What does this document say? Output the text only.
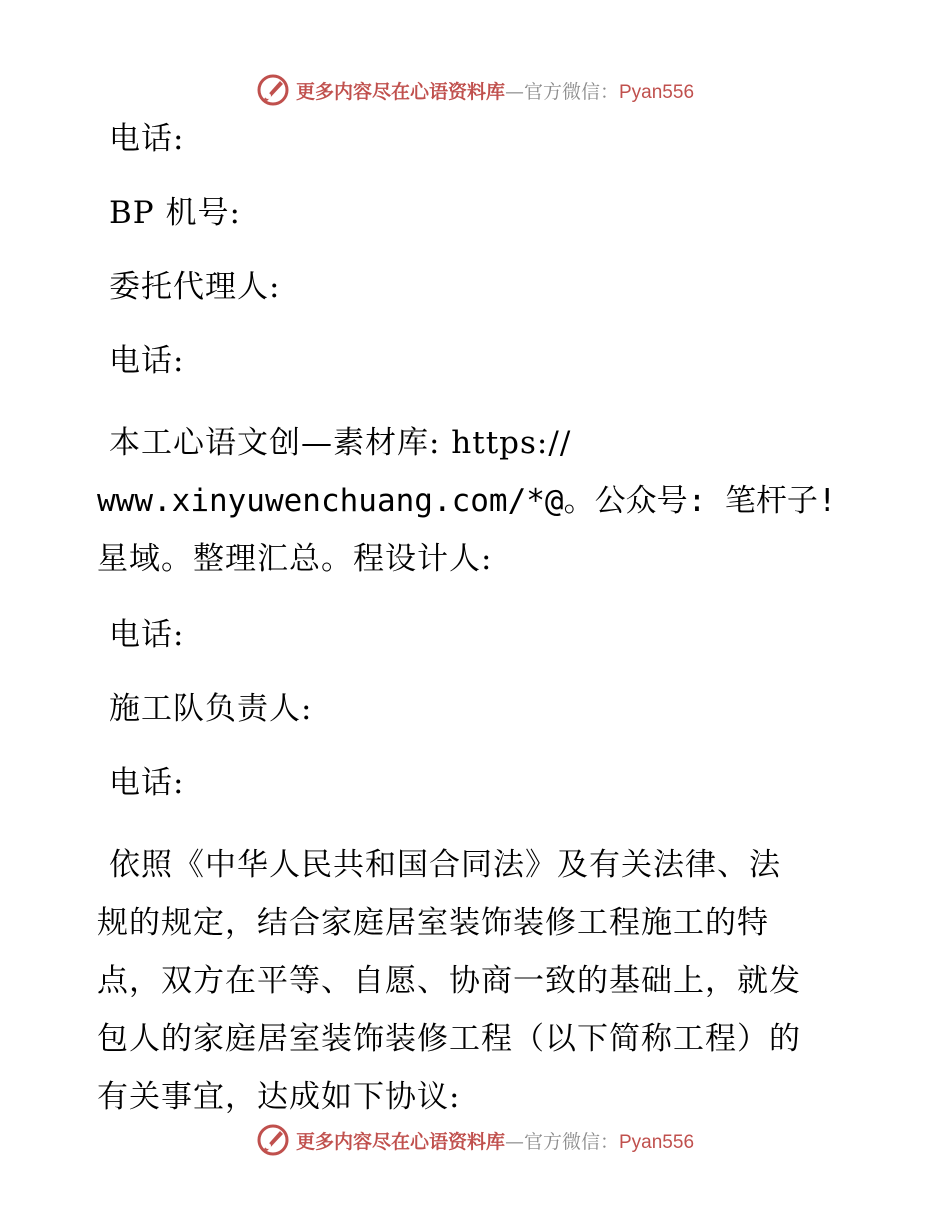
更多内容尽在心语资料库—官方微信：Pyan556

电话:

BP 机号:

委托代理人:

电话:

本工心语文创—素材库: https://

www.xinyuwenchuang.com/*@。公众号: 笔杆子!

星域。整理汇总。程设计人:

电话:

施工队负责人:

电话:

依照《中华人民共和国合同法》及有关法律、法

规的规定，结合家庭居室装饰装修工程施工的特

点，双方在平等、自愿、协商一致的基础上，就发

包人的家庭居室装饰装修工程（以下简称工程）的

有关事宜，达成如下协议:

更多内容尽在心语资料库—官方微信：Pyan556
